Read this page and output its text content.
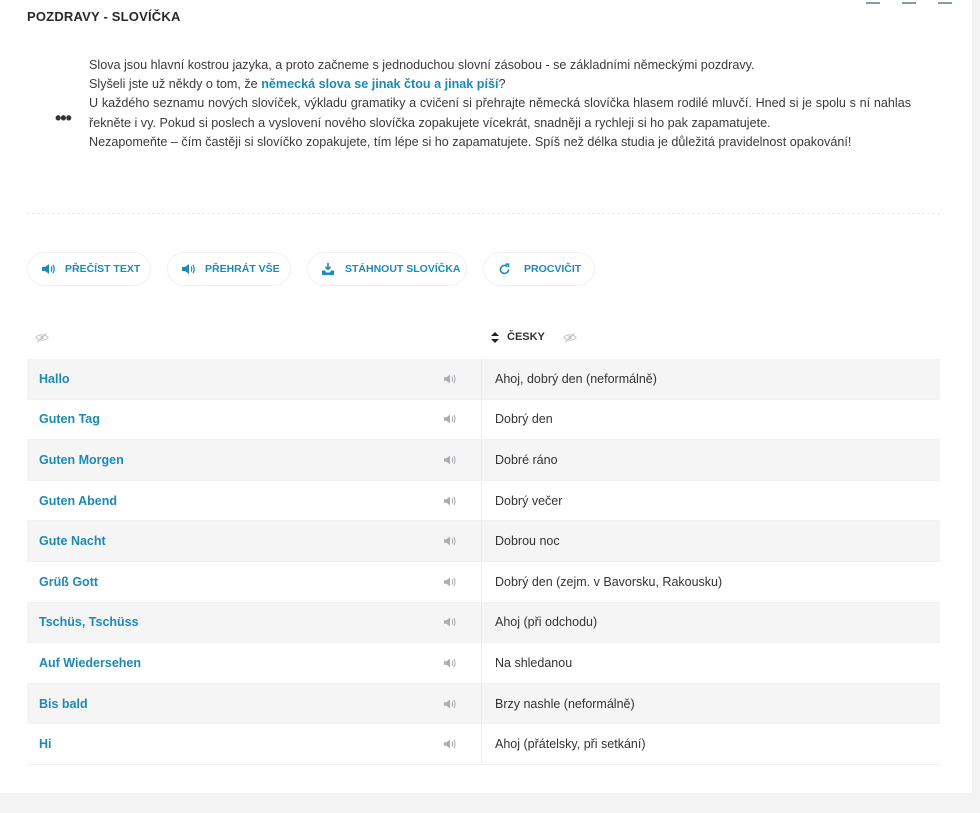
POZDRAVY - SLOVÍČKA
•••

Slova jsou hlavní kostrou jazyka, a proto začneme s jednoduchou slovní zásobou - se základními německými pozdravy.

Slyšeli jste už někdy o tom, že německá slova se jinak čtou a jinak píší?

U každého seznamu nových slovíček, výkladu gramatiky a cvičení si přehrajte německá slovíčka hlasem rodilé mluvčí. Hned si je spolu s ní nahlas řekněte i vy. Pokud si poslech a vyslovení nového slovíčka zopakujete vícekrát, snadněji a rychleji si ho pak zapamatujete.

Nezapomeňte – čím častěji si slovíčko zopakujete, tím lépe si ho zapamatujete. Spíš než délka studia je důležitá pravidelnost opakování!

PŘEČÍST TEXT	PŘEHRÁT VŠE	STÁHNOUT SLOVÍČKA	PROCVIČIT
ČESKY
Hallo	Ahoj, dobrý den (neformálně)
Guten Tag	Dobrý den
Guten Morgen	Dobré ráno
Guten Abend	Dobrý večer
Gute Nacht	Dobrou noc
Grüß Gott	Dobrý den (zejm. v Bavorsku, Rakousku)
Tschüs, Tschüss	Ahoj (při odchodu)
Auf Wiedersehen	Na shledanou
Bis bald	Brzy nashle (neformálně)
Hi	Ahoj (přátelsky, při setkání)
